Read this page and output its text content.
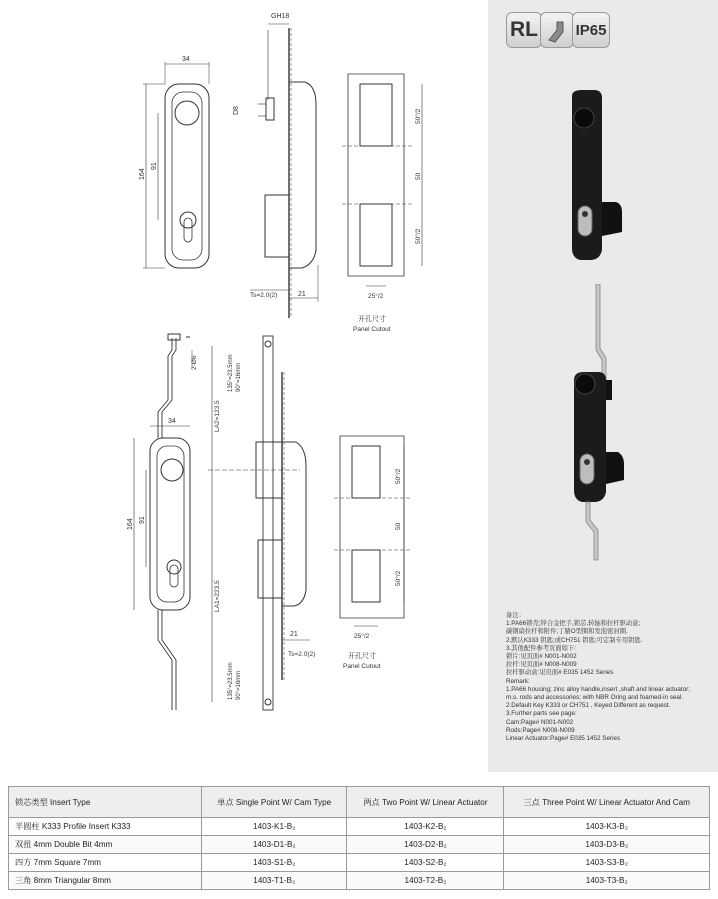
34
164
91
GH18
D8
Ts=2.0(2)	21
50°/2
50
50°/2
25°/2
开孔尺寸
Panel Cutout
34
164 91
2-Ø6
LA2=123.5
LA1=223.5
135°=23.5mm 90°=16mm
135°=23.5mm 90°=16mm
Ts=2.0(2)
21
50°/2
50
50°/2
25°/2
开孔尺寸
Panel Cutout
RL	IP65
备注：
1.PA66锁壳;锌合金把手,锁芯,转轴和拉杆驱动盒;
碳钢扇拉杆和附件;丁腈O型圈和发泡密封圈.
2.默认K333 钥匙;或CH751 钥匙;可定制专用钥匙.
3.其他配件参考页面如下:
锁片:见页面# N001-N002
拉杆:见页面# N008-N009
拉杆驱动盒:见页面# E035 1452 Series
Remark:
1.PA66 housing; zinc alloy handle,insert ,shaft and linear actuator;
m.s. rods and accessories; with NBR Oring and foamed-in seal.
2.Default Key K333 or CH751 , Keyed Different as request.
3.Further parts see page:
Cam:Page# N001-N002
Rods:Page# N008-N009
Linear Actuator:Page# E035 1452 Series
锁芯类型 Insert Type	单点 Single Point W/ Cam Type	两点 Two Point W/ Linear Actuator	三点 Three Point W/ Linear Actuator And Cam
半圆柱 K333 Profile Insert K333	1403-K1-B₂	1403-K2-B₂	1403-K3-B₂
双扭 4mm Double Bit 4mm	1403-D1-B₂	1403-D2-B₂	1403-D3-B₂
四方 7mm Square 7mm	1403-S1-B₂	1403-S2-B₂	1403-S3-B₂
三角 8mm Triangular 8mm	1403-T1-B₂	1403-T2-B₂	1403-T3-B₂
